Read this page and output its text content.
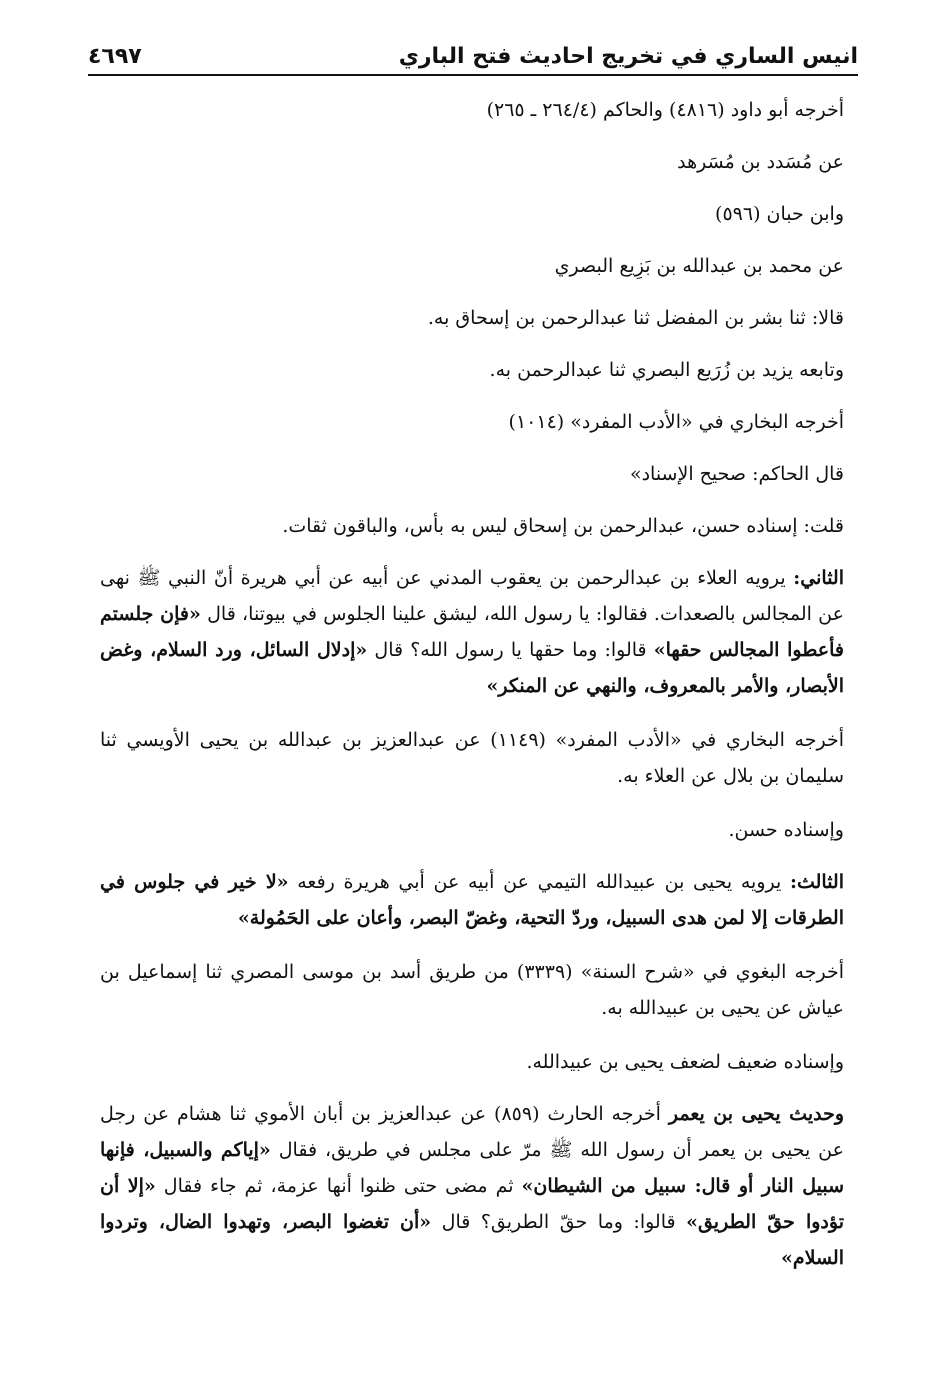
انيس الساري في تخريج احاديث فتح الباري
٤٦٩٧

أخرجه أبو داود (٤٨١٦) والحاكم (٢٦٤/٤ ـ ٢٦٥)

عن مُسَدد بن مُسَرهد

وابن حبان (٥٩٦)

عن محمد بن عبدالله بن بَزِيع البصري

قالا: ثنا بشر بن المفضل ثنا عبدالرحمن بن إسحاق به.

وتابعه يزيد بن زُرَيع البصري ثنا عبدالرحمن به.

أخرجه البخاري في «الأدب المفرد» (١٠١٤)

قال الحاكم: صحيح الإسناد»

قلت: إسناده حسن، عبدالرحمن بن إسحاق ليس به بأس، والباقون ثقات.

الثاني: يرويه العلاء بن عبدالرحمن بن يعقوب المدني عن أبيه عن أبي هريرة أنّ النبي ﷺ نهى عن المجالس بالصعدات. فقالوا: يا رسول الله، ليشق علينا الجلوس في بيوتنا، قال «فإن جلستم فأعطوا المجالس حقها» قالوا: وما حقها يا رسول الله؟ قال «إدلال السائل، ورد السلام، وغض الأبصار، والأمر بالمعروف، والنهي عن المنكر»

أخرجه البخاري في «الأدب المفرد» (١١٤٩) عن عبدالعزيز بن عبدالله بن يحيى الأويسي ثنا سليمان بن بلال عن العلاء به.

وإسناده حسن.

الثالث: يرويه يحيى بن عبيدالله التيمي عن أبيه عن أبي هريرة رفعه «لا خير في جلوس في الطرقات إلا لمن هدى السبيل، وردّ التحية، وغضّ البصر، وأعان على الحَمُولة»

أخرجه البغوي في «شرح السنة» (٣٣٣٩) من طريق أسد بن موسى المصري ثنا إسماعيل بن عياش عن يحيى بن عبيدالله به.

وإسناده ضعيف لضعف يحيى بن عبيدالله.

وحديث يحيى بن يعمر أخرجه الحارث (٨٥٩) عن عبدالعزيز بن أبان الأموي ثنا هشام عن رجل عن يحيى بن يعمر أن رسول الله ﷺ مرّ على مجلس في طريق، فقال «إياكم والسبيل، فإنها سبيل النار أو قال: سبيل من الشيطان» ثم مضى حتى ظنوا أنها عزمة، ثم جاء فقال «إلا أن تؤدوا حقّ الطريق» قالوا: وما حقّ الطريق؟ قال «أن تغضوا البصر، وتهدوا الضال، وتردوا السلام»
